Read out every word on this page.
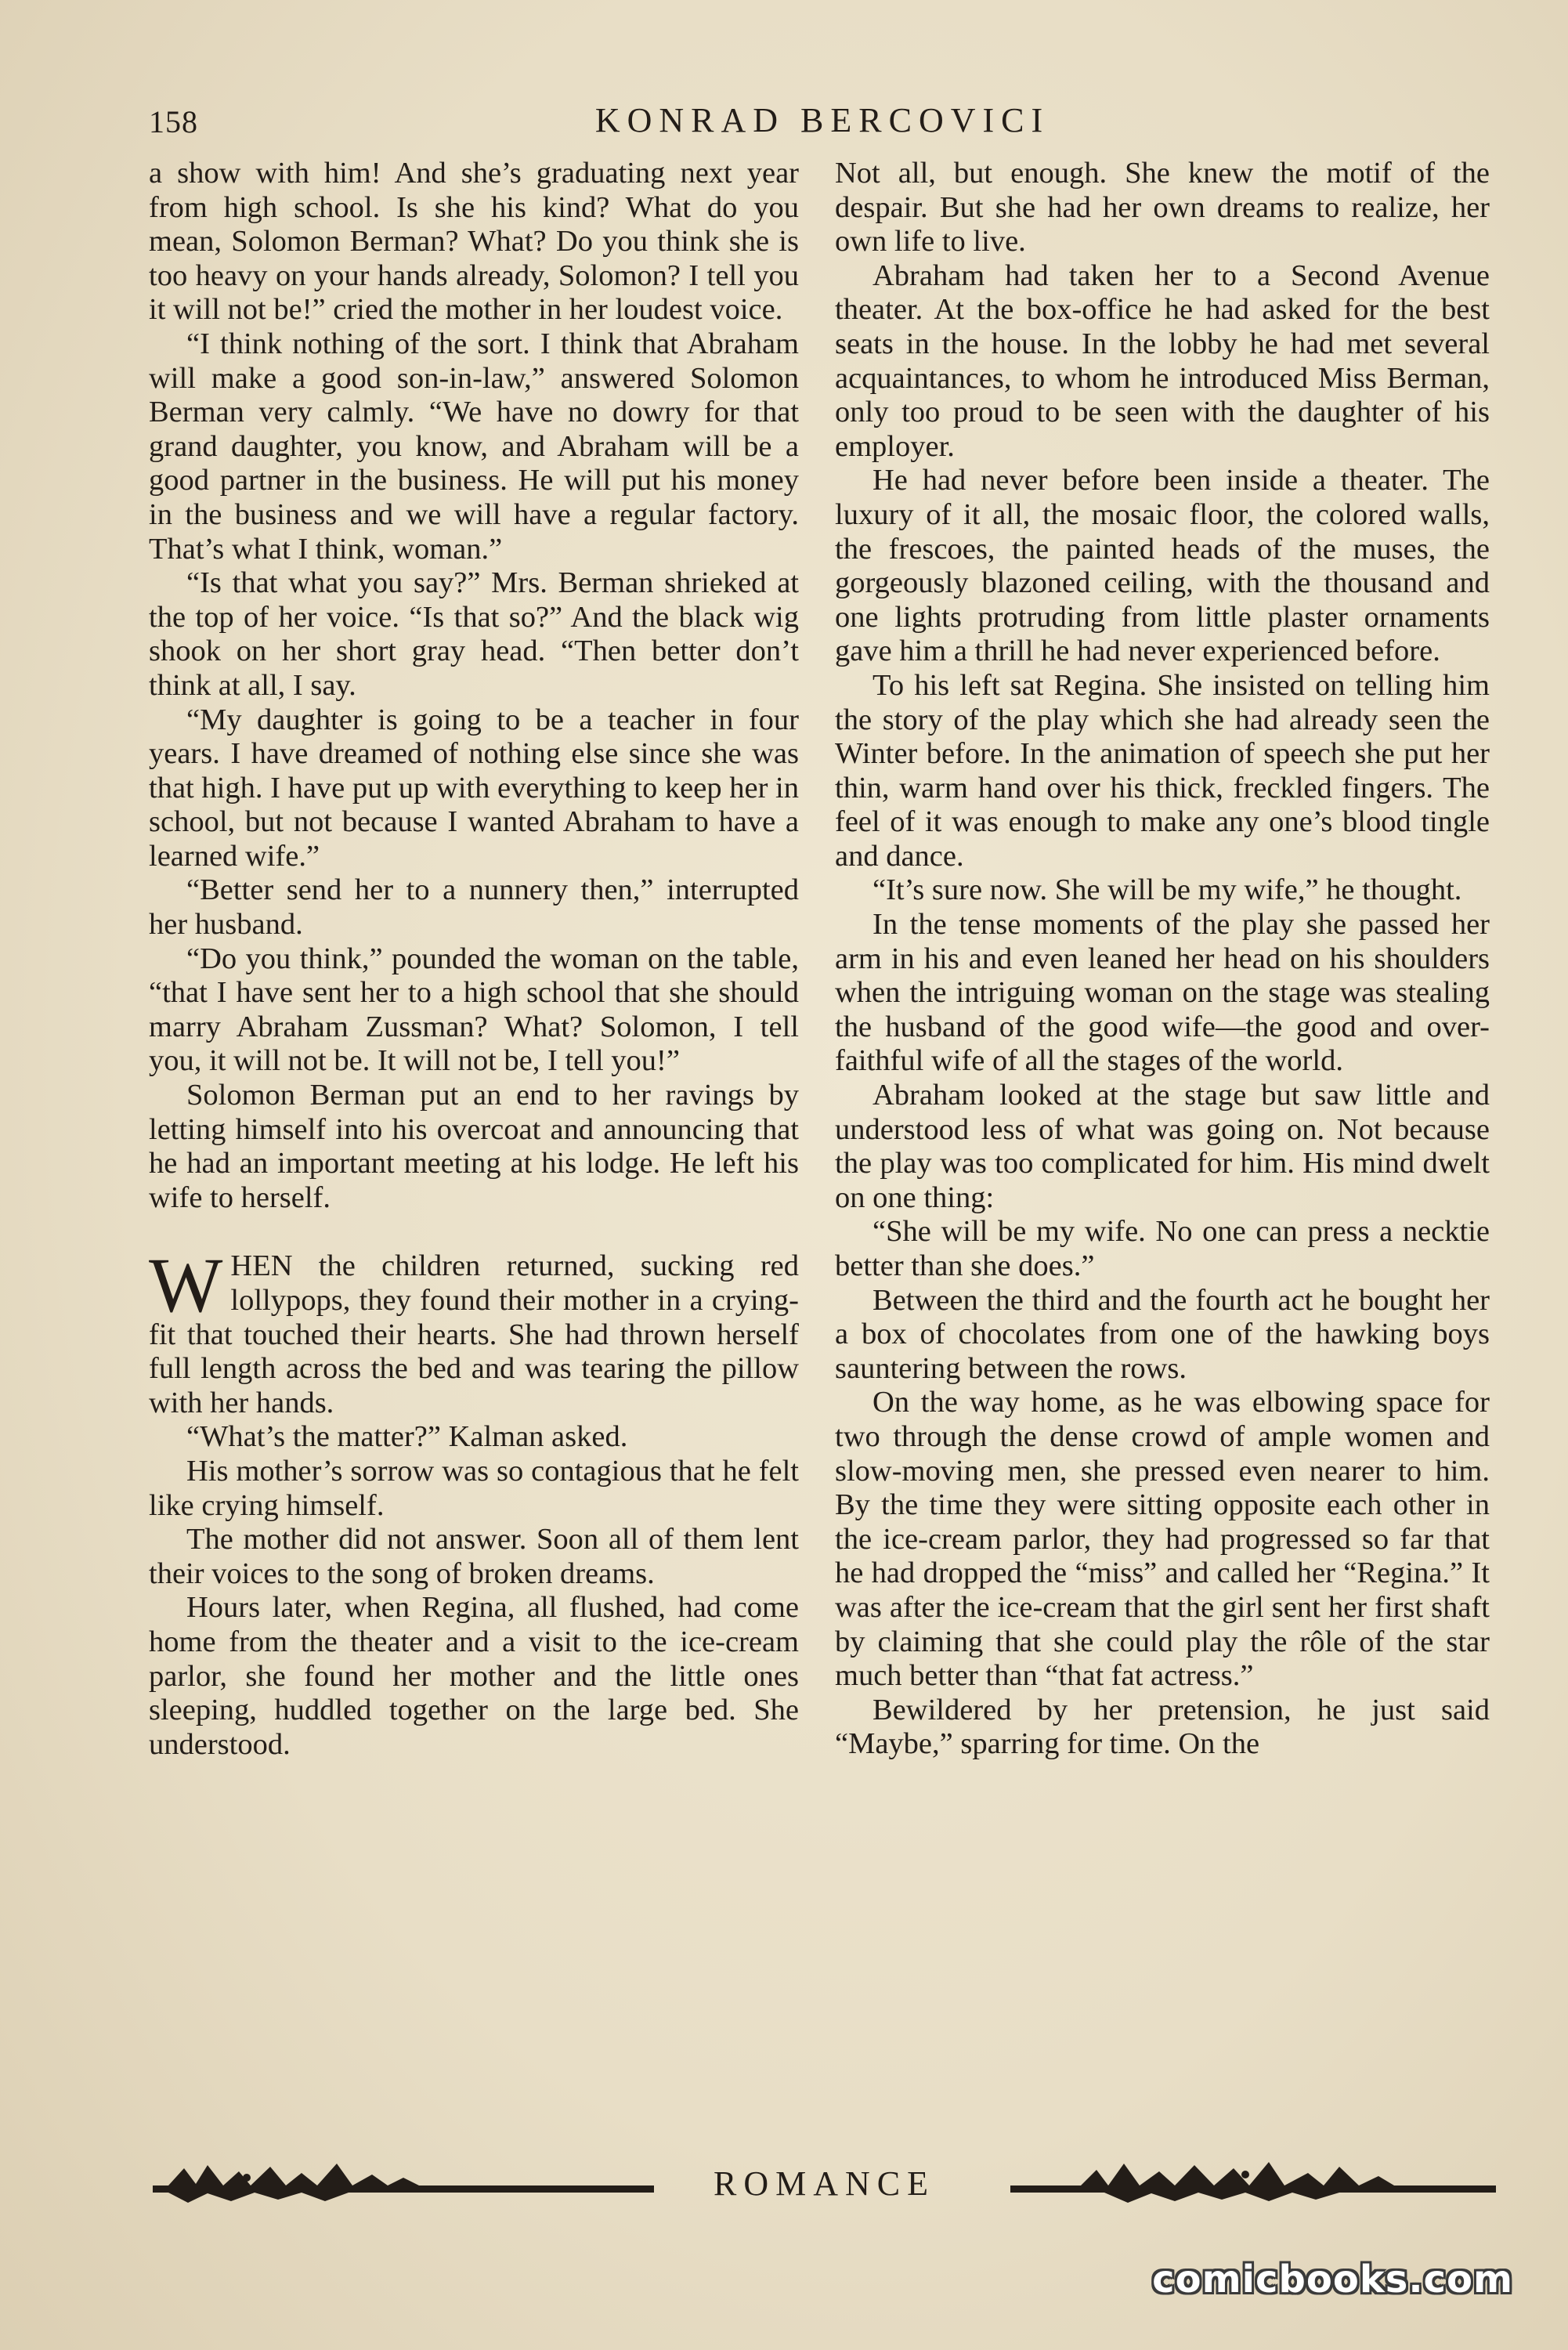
158	KONRAD BERCOVICI

a show with him! And she’s graduating next year from high school. Is she his kind? What do you mean, Solomon Berman? What? Do you think she is too heavy on your hands already, Solomon? I tell you it will not be!” cried the mother in her loudest voice.

“I think nothing of the sort. I think that Abraham will make a good son-in-law,” answered Solomon Berman very calmly. “We have no dowry for that grand daughter, you know, and Abraham will be a good partner in the business. He will put his money in the business and we will have a regular factory. That’s what I think, woman.”

“Is that what you say?” Mrs. Berman shrieked at the top of her voice. “Is that so?” And the black wig shook on her short gray head. “Then better don’t think at all, I say.

“My daughter is going to be a teacher in four years. I have dreamed of nothing else since she was that high. I have put up with everything to keep her in school, but not because I wanted Abraham to have a learned wife.”

“Better send her to a nunnery then,” interrupted her husband.

“Do you think,” pounded the woman on the table, “that I have sent her to a high school that she should marry Abraham Zussman? What? Solomon, I tell you, it will not be. It will not be, I tell you!”

Solomon Berman put an end to her ravings by letting himself into his overcoat and announcing that he had an important meeting at his lodge. He left his wife to herself.

WHEN the children returned, sucking red lollypops, they found their mother in a crying-fit that touched their hearts. She had thrown herself full length across the bed and was tearing the pillow with her hands.

“What’s the matter?” Kalman asked.

His mother’s sorrow was so contagious that he felt like crying himself.

The mother did not answer. Soon all of them lent their voices to the song of broken dreams.

Hours later, when Regina, all flushed, had come home from the theater and a visit to the ice-cream parlor, she found her mother and the little ones sleeping, huddled together on the large bed. She understood.

Not all, but enough. She knew the motif of the despair. But she had her own dreams to realize, her own life to live.

Abraham had taken her to a Second Avenue theater. At the box-office he had asked for the best seats in the house. In the lobby he had met several acquaintances, to whom he introduced Miss Berman, only too proud to be seen with the daughter of his employer.

He had never before been inside a theater. The luxury of it all, the mosaic floor, the colored walls, the frescoes, the painted heads of the muses, the gorgeously blazoned ceiling, with the thousand and one lights protruding from little plaster ornaments gave him a thrill he had never experienced before.

To his left sat Regina. She insisted on telling him the story of the play which she had already seen the Winter before. In the animation of speech she put her thin, warm hand over his thick, freckled fingers. The feel of it was enough to make any one’s blood tingle and dance.

“It’s sure now. She will be my wife,” he thought.

In the tense moments of the play she passed her arm in his and even leaned her head on his shoulders when the intriguing woman on the stage was stealing the husband of the good wife—the good and over-faithful wife of all the stages of the world.

Abraham looked at the stage but saw little and understood less of what was going on. Not because the play was too complicated for him. His mind dwelt on one thing:

“She will be my wife. No one can press a necktie better than she does.”

Between the third and the fourth act he bought her a box of chocolates from one of the hawking boys sauntering between the rows.

On the way home, as he was elbowing space for two through the dense crowd of ample women and slow-moving men, she pressed even nearer to him. By the time they were sitting opposite each other in the ice-cream parlor, they had progressed so far that he had dropped the “miss” and called her “Regina.” It was after the ice-cream that the girl sent her first shaft by claiming that she could play the rôle of the star much better than “that fat actress.”

Bewildered by her pretension, he just said “Maybe,” sparring for time. On the

ROMANCE
comicbooks.com
